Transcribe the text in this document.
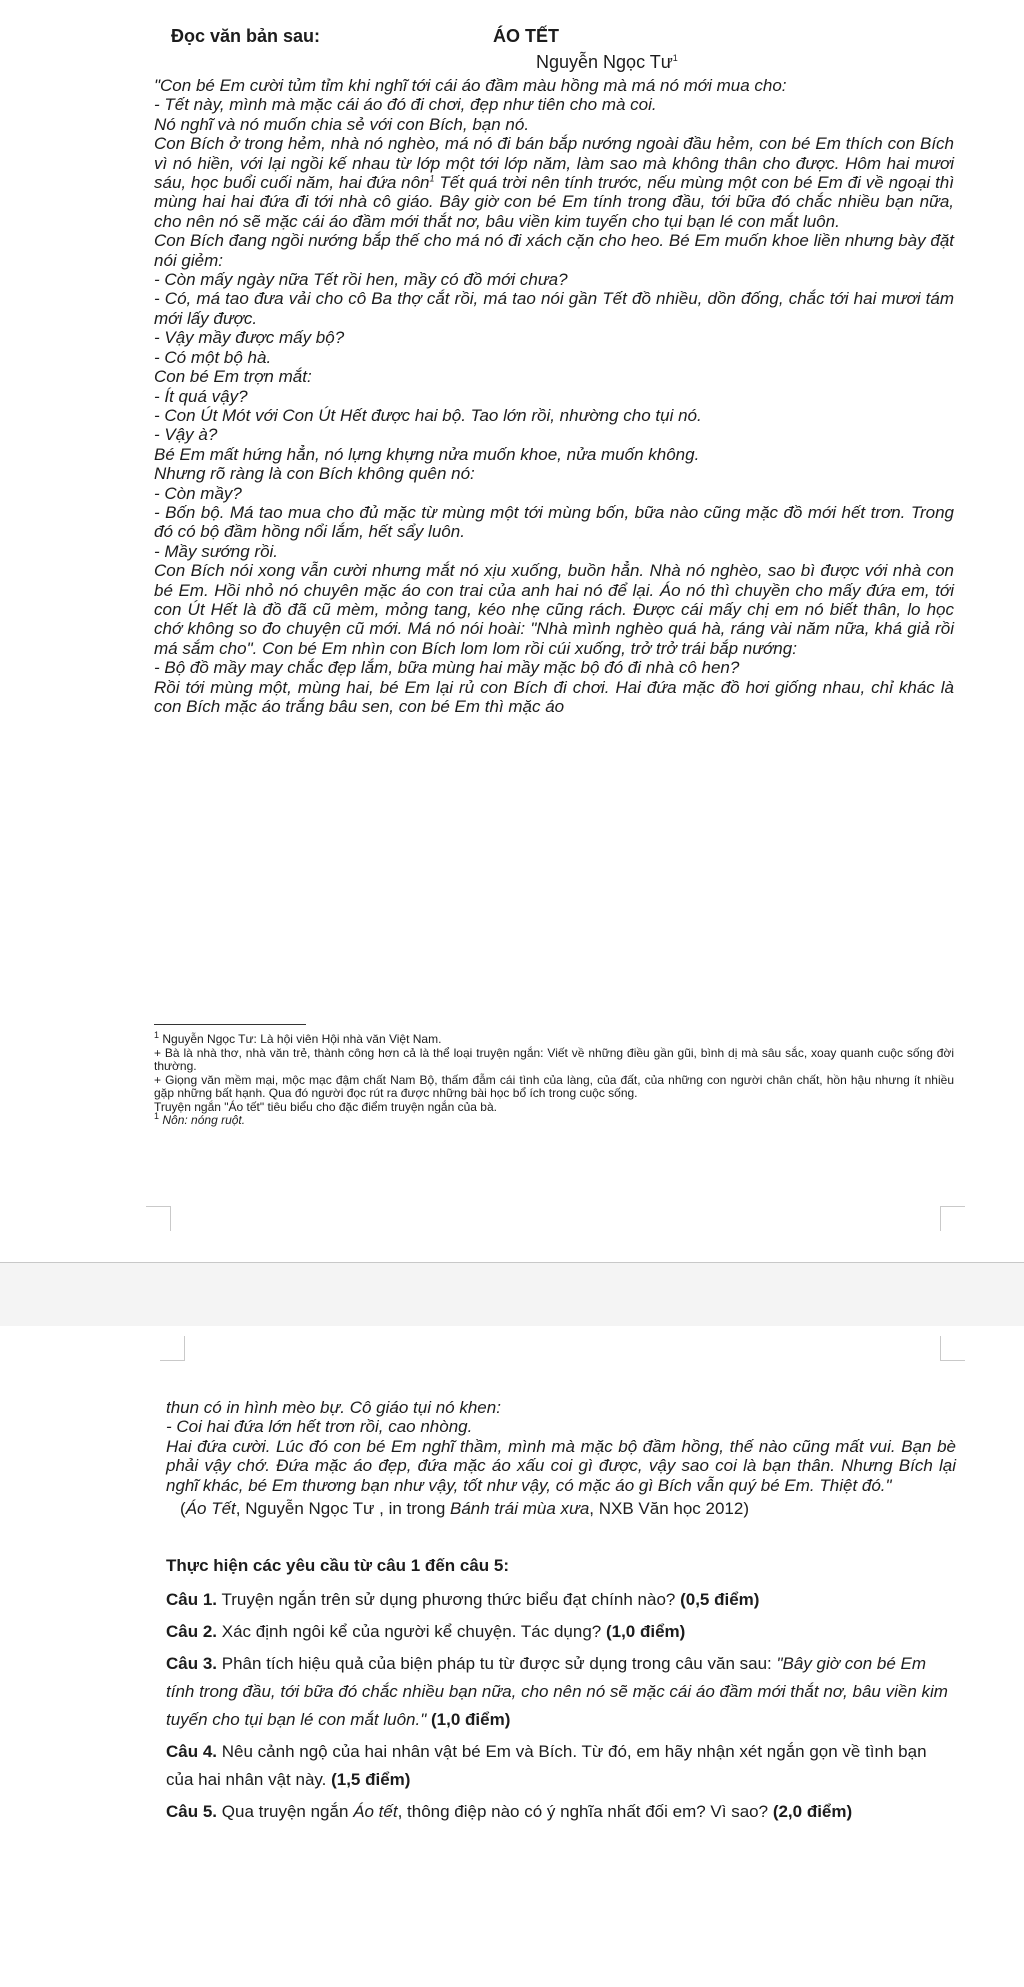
Đọc văn bản sau:	ÁO TẾT
Nguyễn Ngọc $Tư^1$

"Con bé Em cười tủm tỉm khi nghĩ tới cái áo đầm màu hồng mà má nó mới mua cho:

- Tết này, mình mà mặc cái áo đó đi chơi, đẹp như tiên cho mà coi.

Nó nghĩ và nó muốn chia sẻ với con Bích, bạn nó.

Con Bích ở trong hẻm, nhà nó nghèo, má nó đi bán bắp nướng ngoài đầu hẻm, con bé Em thích con Bích vì nó hiền, với lại ngồi kế nhau từ lớp một tới lớp năm, làm sao mà không thân cho được. Hôm hai mươi sáu, học buổi cuối năm, hai đứa nôn$^1$ Tết quá trời nên tính trước, nếu mùng một con bé Em đi về ngoại thì mùng hai hai đứa đi tới nhà cô giáo. Bây giờ con bé Em tính trong đầu, tới bữa đó chắc nhiều bạn nữa, cho nên nó sẽ mặc cái áo đầm mới thắt nơ, bâu viền kim tuyến cho tụi bạn lé con mắt luôn.

Con Bích đang ngồi nướng bắp thế cho má nó đi xách cặn cho heo. Bé Em muốn khoe liền nhưng bày đặt nói giẻm:

- Còn mấy ngày nữa Tết rồi hen, mầy có đồ mới chưa?

- Có, má tao đưa vải cho cô Ba thợ cắt rồi, má tao nói gần Tết đồ nhiều, dồn đống, chắc tới hai mươi tám mới lấy được.

- Vậy mầy được mấy bộ?

- Có một bộ hà.

Con bé Em trợn mắt:

- Ít quá vậy?

- Con Út Mót với Con Út Hết được hai bộ. Tao lớn rồi, nhường cho tụi nó.

- Vậy à?

Bé Em mất hứng hẳn, nó lựng khựng nửa muốn khoe, nửa muốn không.

Nhưng rõ ràng là con Bích không quên nó:

- Còn mầy?

- Bốn bộ. Má tao mua cho đủ mặc từ mùng một tới mùng bốn, bữa nào cũng mặc đồ mới hết trơn. Trong đó có bộ đầm hồng nổi lắm, hết sẩy luôn.

- Mầy sướng rồi.

Con Bích nói xong vẫn cười nhưng mắt nó xịu xuống, buồn hẳn. Nhà nó nghèo, sao bì được với nhà con bé Em. Hồi nhỏ nó chuyên mặc áo con trai của anh hai nó để lại. Áo nó thì chuyền cho mấy đứa em, tới con Út Hết là đồ đã cũ mèm, mỏng tang, kéo nhẹ cũng rách. Được cái mấy chị em nó biết thân, lo học chớ không so đo chuyện cũ mới. Má nó nói hoài: "Nhà mình nghèo quá hà, ráng vài năm nữa, khá giả rồi má sắm cho". Con bé Em nhìn con Bích lom lom rồi cúi xuống, trở trở trái bắp nướng:

- Bộ đồ mầy may chắc đẹp lắm, bữa mùng hai mầy mặc bộ đó đi nhà cô hen?

Rồi tới mùng một, mùng hai, bé Em lại rủ con Bích đi chơi. Hai đứa mặc đồ hơi giống nhau, chỉ khác là con Bích mặc áo trắng bâu sen, con bé Em thì mặc áo

$^1$ Nguyễn Ngọc Tư: Là hội viên Hội nhà văn Việt Nam.

+ Bà là nhà thơ, nhà văn trẻ, thành công hơn cả là thể loại truyện ngắn: Viết về những điều gần gũi, bình dị mà sâu sắc, xoay quanh cuộc sống đời thường.

+ Giọng văn mềm mại, mộc mạc đậm chất Nam Bộ, thấm đẫm cái tình của làng, của đất, của những con người chân chất, hồn hậu nhưng ít nhiều gặp những bất hạnh. Qua đó người đọc rút ra được những bài học bổ ích trong cuộc sống.

Truyện ngắn "Áo tết" tiêu biểu cho đặc điểm truyện ngắn của bà.

$^1$ Nôn: nóng ruột.

thun có in hình mèo bự. Cô giáo tụi nó khen:

- Coi hai đứa lớn hết trơn rồi, cao nhòng.

Hai đứa cười. Lúc đó con bé Em nghĩ thầm, mình mà mặc bộ đầm hồng, thế nào cũng mất vui. Bạn bè phải vậy chớ. Đứa mặc áo đẹp, đứa mặc áo xấu coi gì được, vậy sao coi là bạn thân. Nhưng Bích lại nghĩ khác, bé Em thương bạn như vậy, tốt như vậy, có mặc áo gì Bích vẫn quý bé Em. Thiệt đó."

(Áo Tết, Nguyễn Ngọc Tư , in trong Bánh trái mùa xưa, NXB Văn học 2012)

Thực hiện các yêu cầu từ câu 1 đến câu 5:

Câu 1. Truyện ngắn trên sử dụng phương thức biểu đạt chính nào? (0,5 điểm)

Câu 2. Xác định ngôi kể của người kể chuyện. Tác dụng? (1,0 điểm)

Câu 3. Phân tích hiệu quả của biện pháp tu từ được sử dụng trong câu văn sau: "Bây giờ con bé Em tính trong đầu, tới bữa đó chắc nhiều bạn nữa, cho nên nó sẽ mặc cái áo đầm mới thắt nơ, bâu viền kim tuyến cho tụi bạn lé con mắt luôn." (1,0 điểm)

Câu 4. Nêu cảnh ngộ của hai nhân vật bé Em và Bích. Từ đó, em hãy nhận xét ngắn gọn về tình bạn của hai nhân vật này. (1,5 điểm)

Câu 5. Qua truyện ngắn Áo tết, thông điệp nào có ý nghĩa nhất đối em? Vì sao? (2,0 điểm)
